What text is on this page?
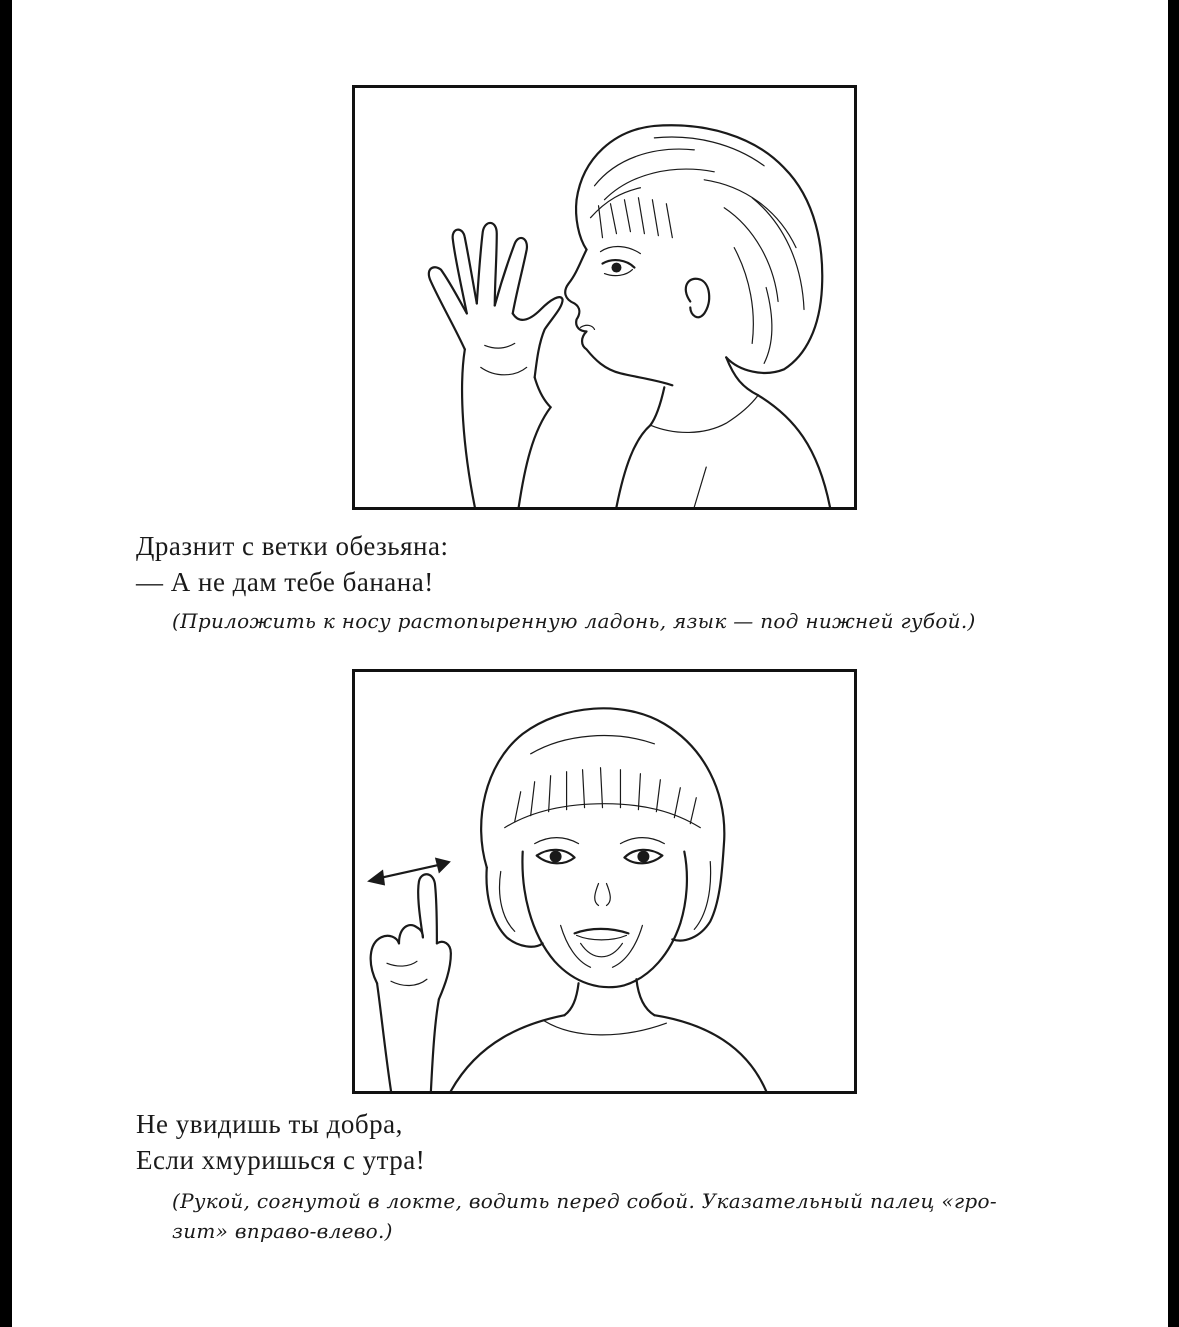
Дразнит с ветки обезьяна:
— А не дам тебе банана!
(Приложить к носу растопыренную ладонь, язык — под нижней губой.)
Не увидишь ты добра,
Если хмуришься с утра!
(Рукой, согнутой в локте, водить перед собой. Указательный палец «гро-
зит» вправо-влево.)
